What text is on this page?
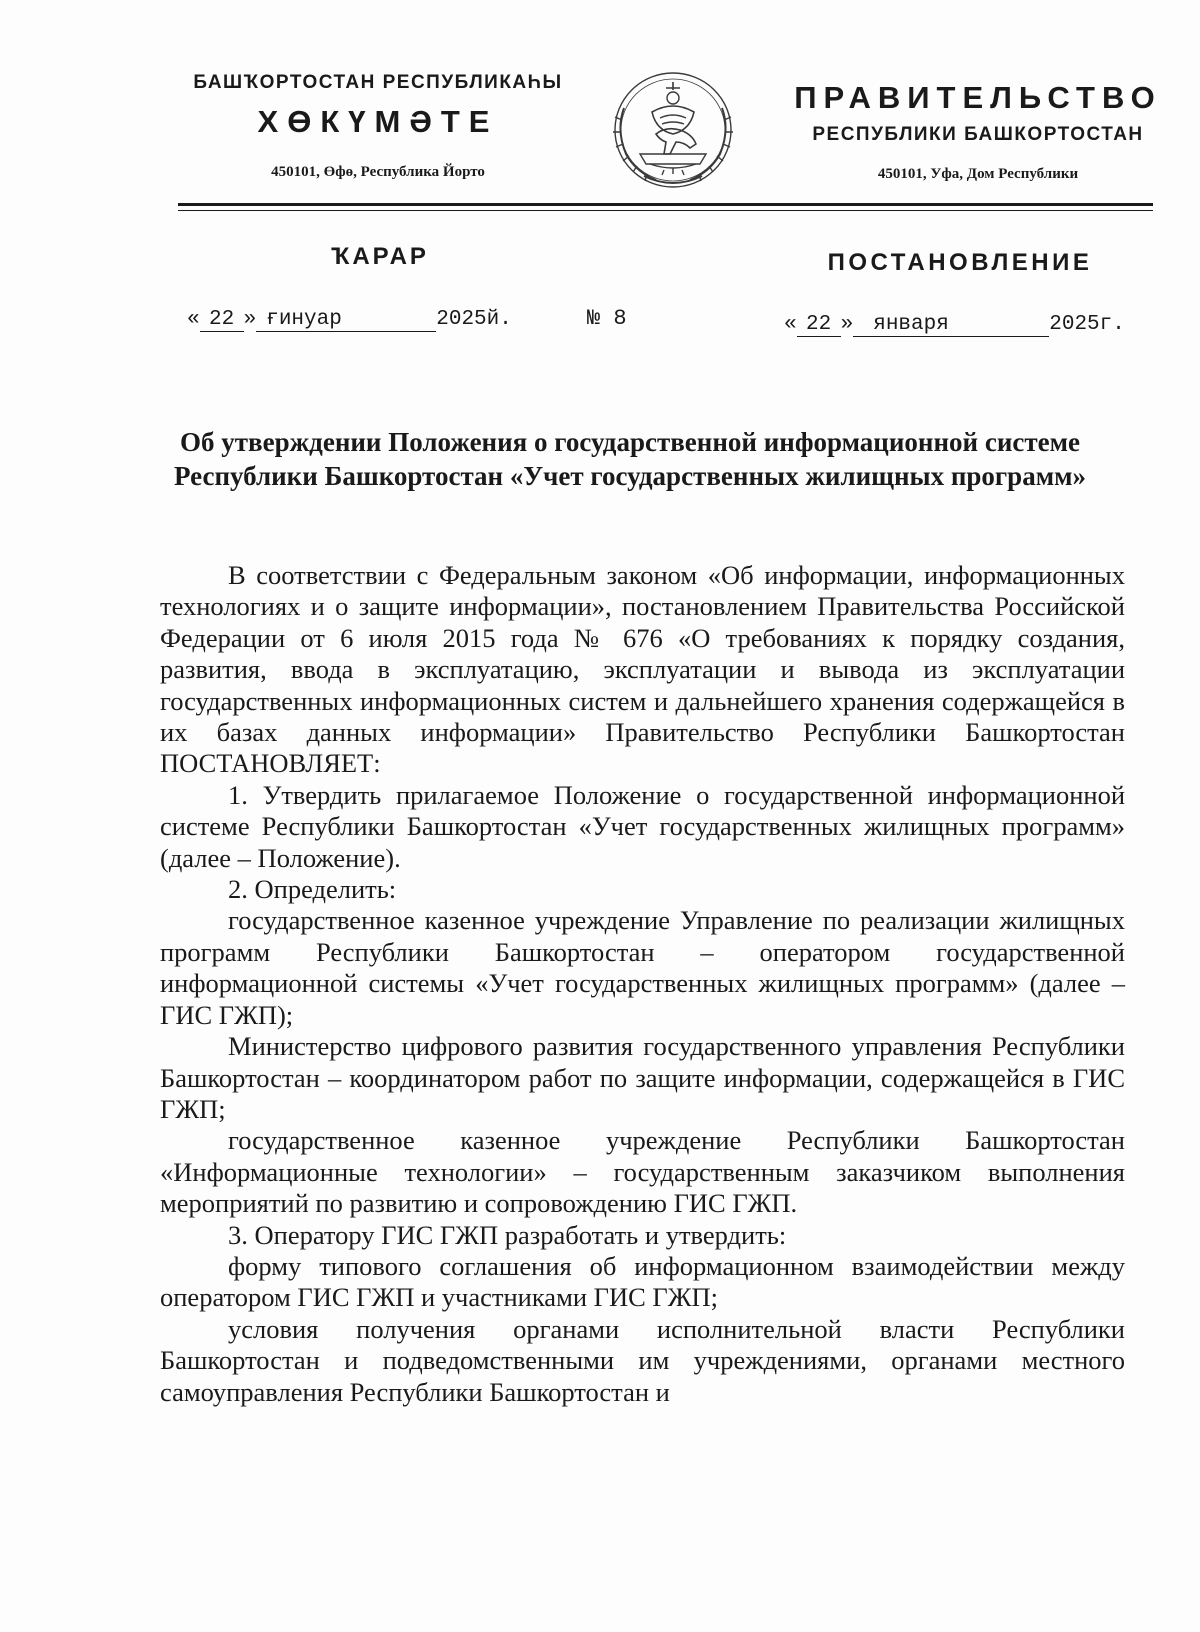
БАШҠОРТОСТАН РЕСПУБЛИКАҺЫ
ХӨКҮМӘТЕ
450101, Өфө, Республика Йорто
ПРАВИТЕЛЬСТВО
РЕСПУБЛИКИ БАШКОРТОСТАН
450101, Уфа, Дом Республики
ҠАРАР	ПОСТАНОВЛЕНИЕ
« 22 » ғинуар	2025й.	№ 8	« 22 » января	2025г.
Об утверждении Положения о государственной информационной системе Республики Башкортостан «Учет государственных жилищных программ»

В соответствии с Федеральным законом «Об информации, информационных технологиях и о защите информации», постановлением Правительства Российской Федерации от 6 июля 2015 года № 676 «О требованиях к порядку создания, развития, ввода в эксплуатацию, эксплуатации и вывода из эксплуатации государственных информационных систем и дальнейшего хранения содержащейся в их базах данных информации» Правительство Республики Башкортостан ПОСТАНОВЛЯЕТ:

1. Утвердить прилагаемое Положение о государственной информационной системе Республики Башкортостан «Учет государственных жилищных программ» (далее – Положение).

2. Определить:

государственное казенное учреждение Управление по реализации жилищных программ Республики Башкортостан – оператором государственной информационной системы «Учет государственных жилищных программ» (далее – ГИС ГЖП);

Министерство цифрового развития государственного управления Республики Башкортостан – координатором работ по защите информации, содержащейся в ГИС ГЖП;

государственное казенное учреждение Республики Башкортостан «Информационные технологии» – государственным заказчиком выполнения мероприятий по развитию и сопровождению ГИС ГЖП.

3. Оператору ГИС ГЖП разработать и утвердить:

форму типового соглашения об информационном взаимодействии между оператором ГИС ГЖП и участниками ГИС ГЖП;

условия получения органами исполнительной власти Республики Башкортостан и подведомственными им учреждениями, органами местного самоуправления Республики Башкортостан и
